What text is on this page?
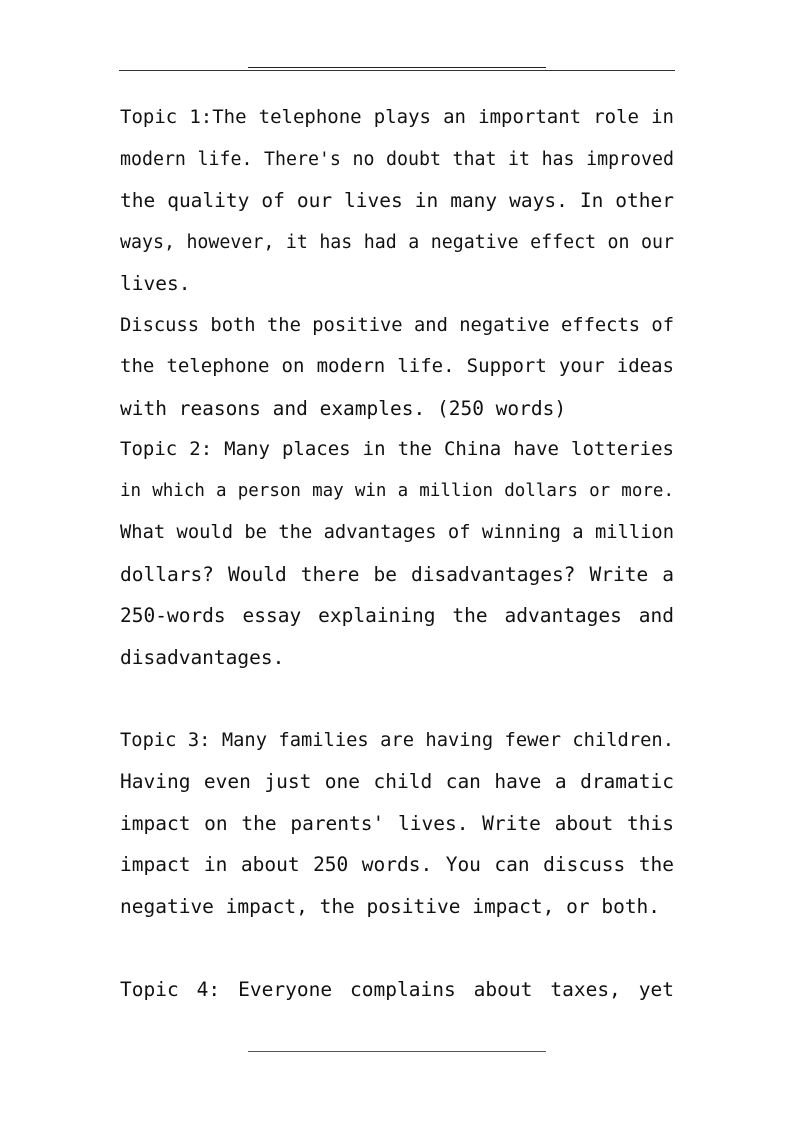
Topic 1:The telephone plays an important role in
modern life. There's no doubt that it has improved
the quality of our lives in many ways. In other
ways, however, it has had a negative effect on our
lives.
Discuss both the positive and negative effects of
the telephone on modern life. Support your ideas
with reasons and examples. (250 words)
Topic 2: Many places in the China have lotteries
in which a person may win a million dollars or more.
What would be the advantages of winning a million
dollars? Would there be disadvantages? Write a
250-words essay explaining the advantages and
disadvantages.
Topic 3: Many families are having fewer children.
Having even just one child can have a dramatic
impact on the parents' lives. Write about this
impact in about 250 words. You can discuss the
negative impact, the positive impact, or both.
Topic 4: Everyone complains about taxes, yet
